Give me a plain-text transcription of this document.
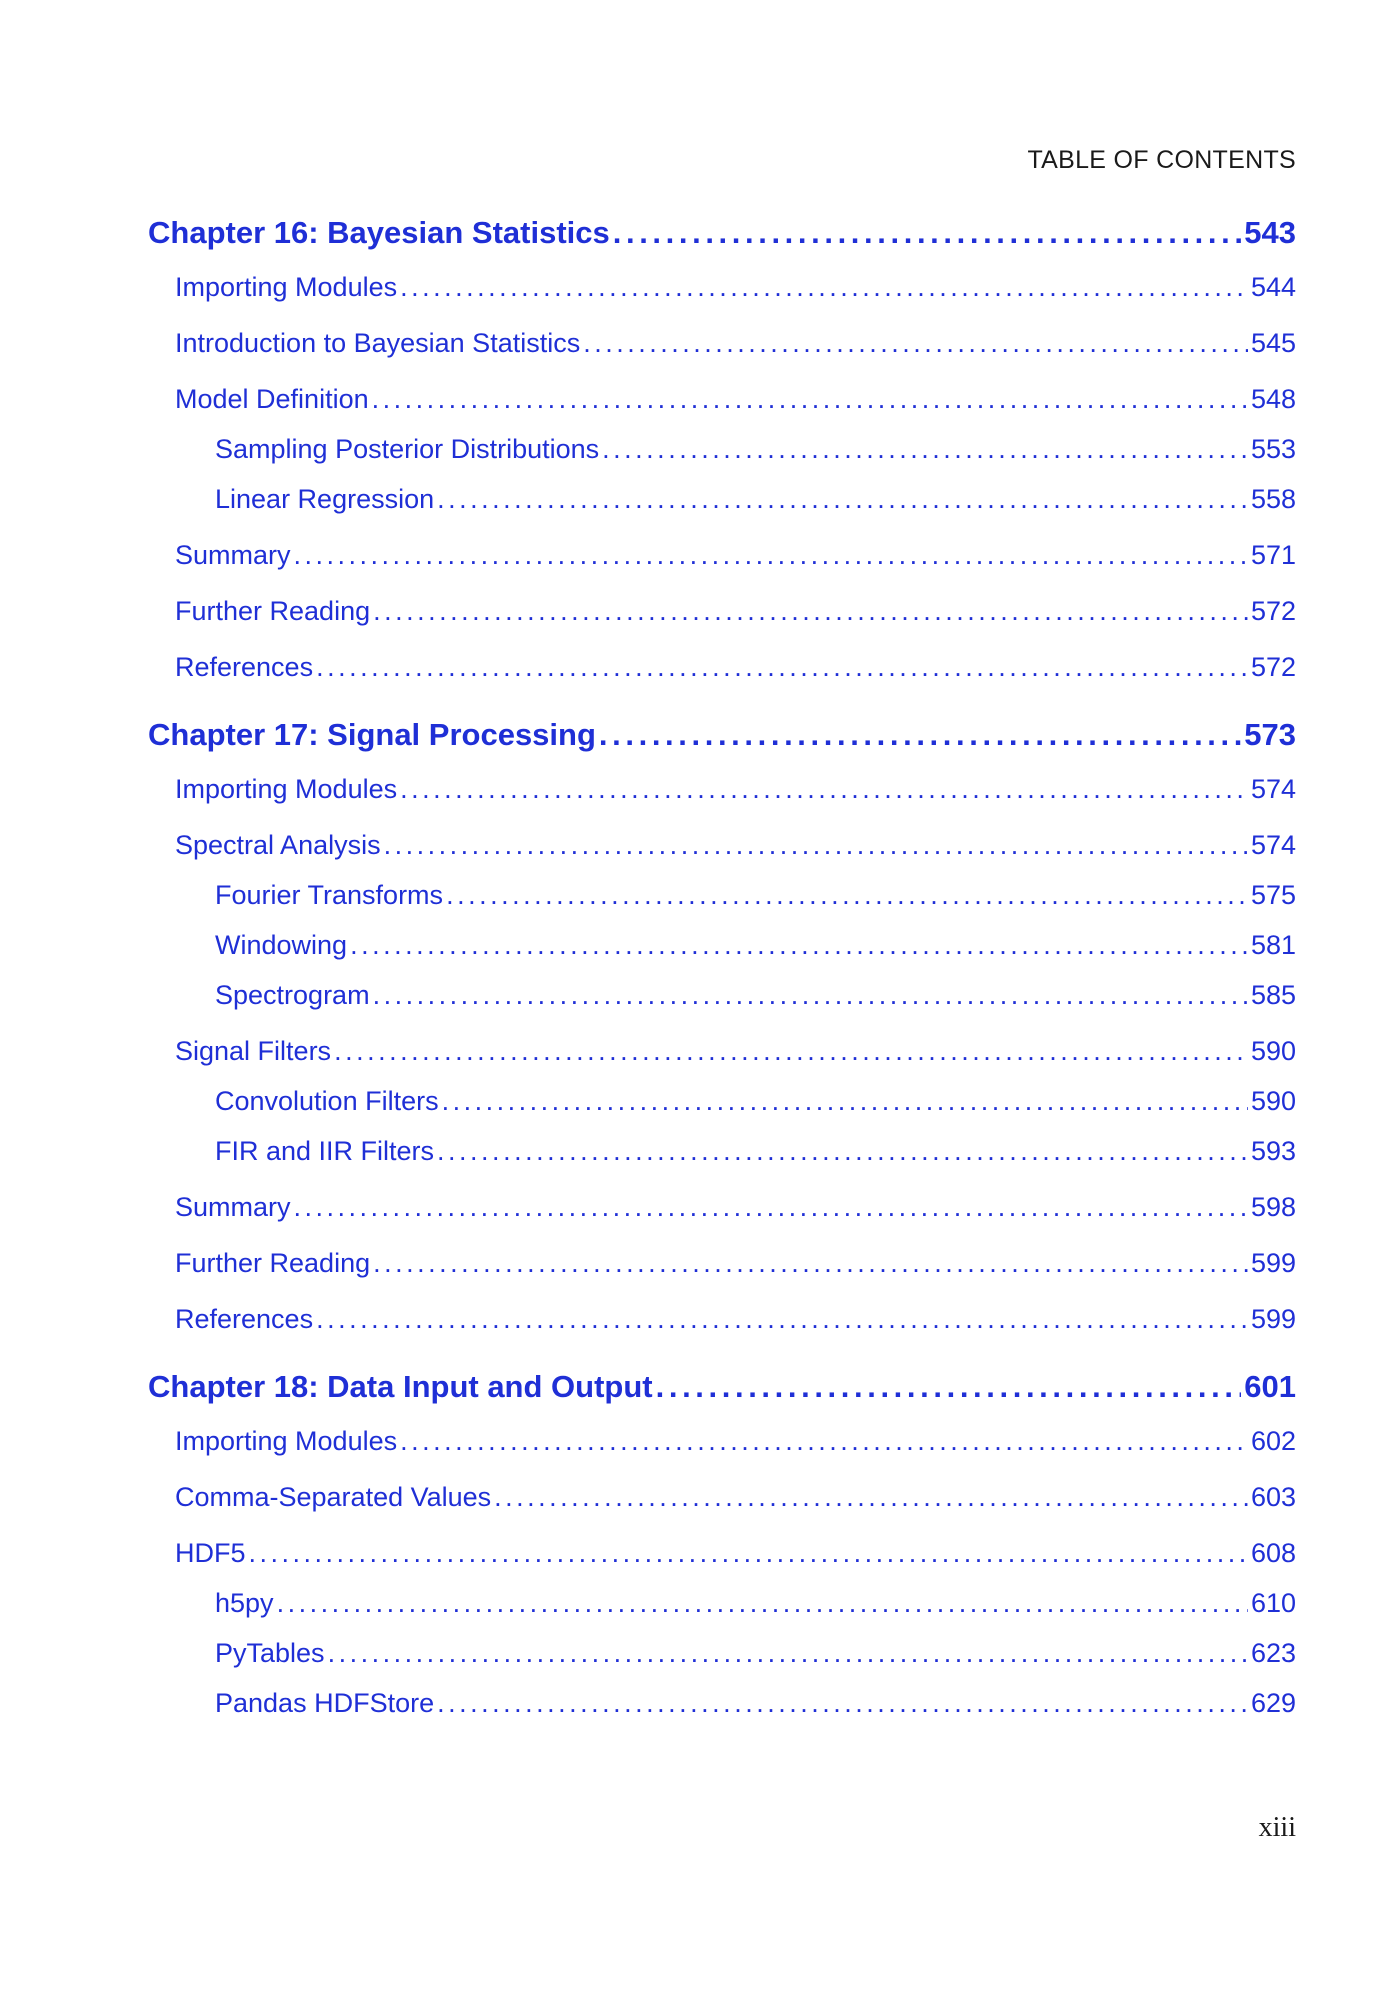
TABLE OF CONTENTS
Chapter 16: Bayesian Statistics . . .	543
Importing Modules . . .	544
Introduction to Bayesian Statistics . . .	545
Model Definition . . .	548
Sampling Posterior Distributions . . .	553
Linear Regression . . .	558
Summary . . .	571
Further Reading . . .	572
References . . .	572
Chapter 17: Signal Processing . . .	573
Importing Modules . . .	574
Spectral Analysis . . .	574
Fourier Transforms . . .	575
Windowing . . .	581
Spectrogram . . .	585
Signal Filters . . .	590
Convolution Filters . . .	590
FIR and IIR Filters . . .	593
Summary . . .	598
Further Reading . . .	599
References . . .	599
Chapter 18: Data Input and Output . . .	601
Importing Modules . . .	602
Comma-Separated Values . . .	603
HDF5 . . .	608
h5py . . .	610
PyTables . . .	623
Pandas HDFStore . . .	629
xiii
